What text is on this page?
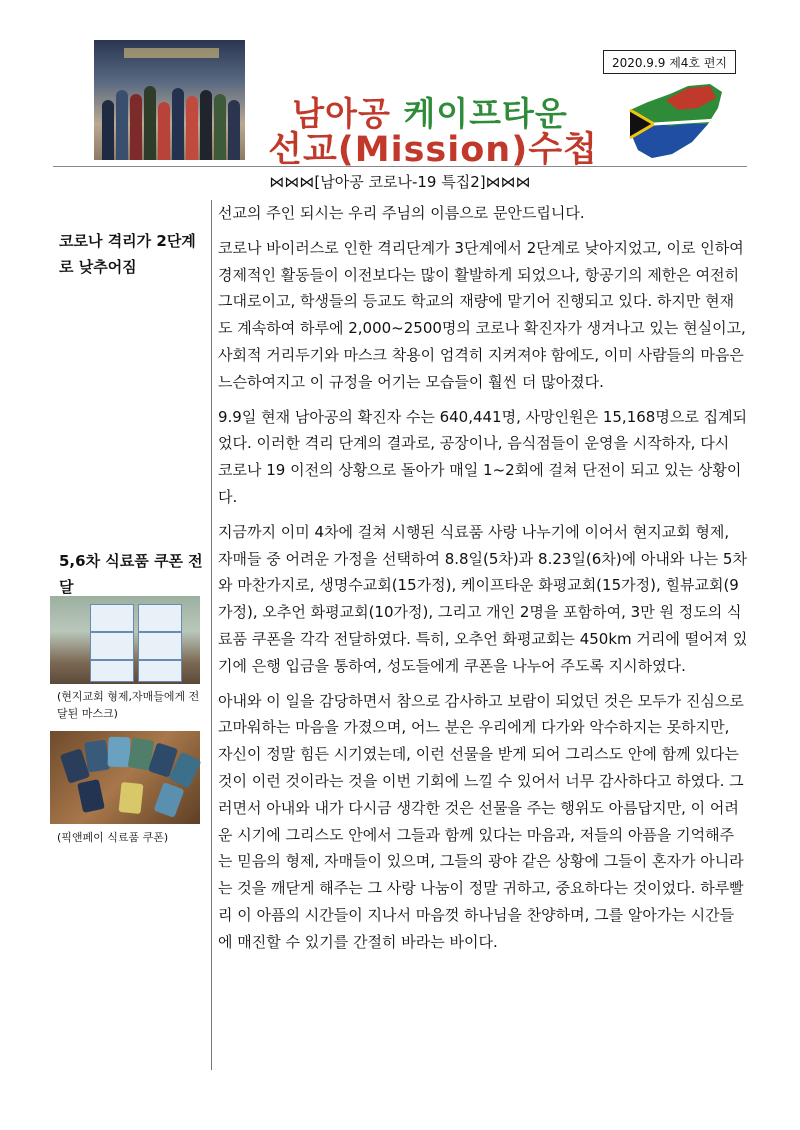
2020.9.9 제4호 편지
남아공 케이프타운
선교(Mission)수첩
⋈⋈⋈[남아공 코로나-19 특집2]⋈⋈⋈
코로나 격리가 2단계로 낮추어짐
5,6차 식료품 쿠폰 전달
(현지교회 형제,자매들에게 전달된 마스크)
(픽앤페이 식료품 쿠폰)

선교의 주인 되시는 우리 주님의 이름으로 문안드립니다.

코로나 바이러스로 인한 격리단계가 3단계에서 2단계로 낮아지었고, 이로 인하여 경제적인 활동들이 이전보다는 많이 활발하게 되었으나, 항공기의 제한은 여전히 그대로이고, 학생들의 등교도 학교의 재량에 맡기어 진행되고 있다. 하지만 현재도 계속하여 하루에 2,000~2500명의 코로나 확진자가 생겨나고 있는 현실이고, 사회적 거리두기와 마스크 착용이 엄격히 지켜져야 함에도, 이미 사람들의 마음은 느슨하여지고 이 규정을 어기는 모습들이 훨씬 더 많아졌다.

9.9일 현재 남아공의 확진자 수는 640,441명, 사망인원은 15,168명으로 집계되었다. 이러한 격리 단계의 결과로, 공장이나, 음식점들이 운영을 시작하자, 다시 코로나 19 이전의 상황으로 돌아가 매일 1~2회에 걸쳐 단전이 되고 있는 상황이다.

지금까지 이미 4차에 걸쳐 시행된 식료품 사랑 나누기에 이어서 현지교회 형제, 자매들 중 어려운 가정을 선택하여 8.8일(5차)과 8.23일(6차)에 아내와 나는 5차와 마찬가지로, 생명수교회(15가정), 케이프타운 화평교회(15가정), 힐뷰교회(9가정), 오추언 화평교회(10가정), 그리고 개인 2명을 포함하여, 3만 원 정도의 식료품 쿠폰을 각각 전달하였다. 특히, 오추언 화평교회는 450km 거리에 떨어져 있기에 은행 입금을 통하여, 성도들에게 쿠폰을 나누어 주도록 지시하였다.

아내와 이 일을 감당하면서 참으로 감사하고 보람이 되었던 것은 모두가 진심으로 고마워하는 마음을 가졌으며, 어느 분은 우리에게 다가와 악수하지는 못하지만, 자신이 정말 힘든 시기였는데, 이런 선물을 받게 되어 그리스도 안에 함께 있다는 것이 이런 것이라는 것을 이번 기회에 느낄 수 있어서 너무 감사하다고 하였다. 그러면서 아내와 내가 다시금 생각한 것은 선물을 주는 행위도 아름답지만, 이 어려운 시기에 그리스도 안에서 그들과 함께 있다는 마음과, 저들의 아픔을 기억해주는 믿음의 형제, 자매들이 있으며, 그들의 광야 같은 상황에 그들이 혼자가 아니라는 것을 깨닫게 해주는 그 사랑 나눔이 정말 귀하고, 중요하다는 것이었다. 하루빨리 이 아픔의 시간들이 지나서 마음껏 하나님을 찬양하며, 그를 알아가는 시간들에 매진할 수 있기를 간절히 바라는 바이다.
